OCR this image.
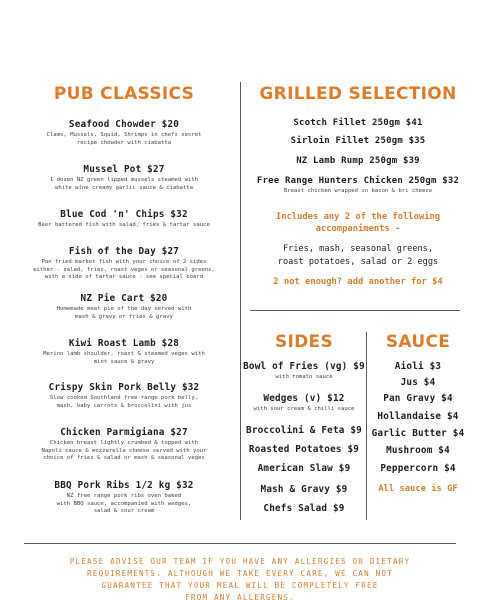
PUB CLASSICS
Seafood Chowder $20
Clams, Mussels, Squid, Shrimps in chefs secret
recipe chowder with ciabatta
Mussel Pot $27
1 dozen NZ green lipped mussels steamed with
white wine creamy garlic sauce & ciabatta
Blue Cod 'n' Chips $32
Beer battered fish with salad, fries & tartar sauce
Fish of the Day $27
Pan fried market fish with your choice of 2 sides
either - salad, fries, roast veges or seasonal greens,
with a side of tartar sauce - see special board
NZ Pie Cart $20
Homemade meat pie of the day served with
mash & gravy or fries & gravy
Kiwi Roast Lamb $28
Merino lamb shoulder, roast & steamed veges with
mint sauce & gravy
Crispy Skin Pork Belly $32
Slow cooked Southland free range pork belly,
mash, baby carrots & broccolini with jus
Chicken Parmigiana $27
Chicken breast lightly crumbed & topped with
Napoli sauce & mozzarella cheese served with your
choice of fries & salad or mash & seasonal veges
BBQ Pork Ribs 1/2 kg $32
NZ free range pork ribs oven baked
with BBQ sauce, accompanied with wedges,
salad & sour cream
GRILLED SELECTION
Scotch Fillet 250gm $41
Sirloin Fillet 250gm $35
NZ Lamb Rump 250gm $39
Free Range Hunters Chicken 250gm $32
Breast chicken wrapped in bacon & bri cheese
Includes any 2 of the following
accompaniments -
Fries, mash, seasonal greens,
roast potatoes, salad or 2 eggs
2 not enough? add another for $4
SIDES
Bowl of Fries (vg) $9
with tomato sauce
Wedges (v) $12
with sour cream & chilli sauce
Broccolini & Feta $9
Roasted Potatoes $9
American Slaw $9
Mash & Gravy $9
Chefs Salad $9
SAUCE
Aioli $3
Jus $4
Pan Gravy $4
Hollandaise $4
Garlic Butter $4
Mushroom $4
Peppercorn $4
All sauce is GF
PLEASE ADVISE OUR TEAM IF YOU HAVE ANY ALLERGIES OR DIETARY
REQUIREMENTS. ALTHOUGH WE TAKE EVERY CARE, WE CAN NOT
GUARANTEE THAT YOUR MEAL WILL BE COMPLETELY FREE
FROM ANY ALLERGENS.
